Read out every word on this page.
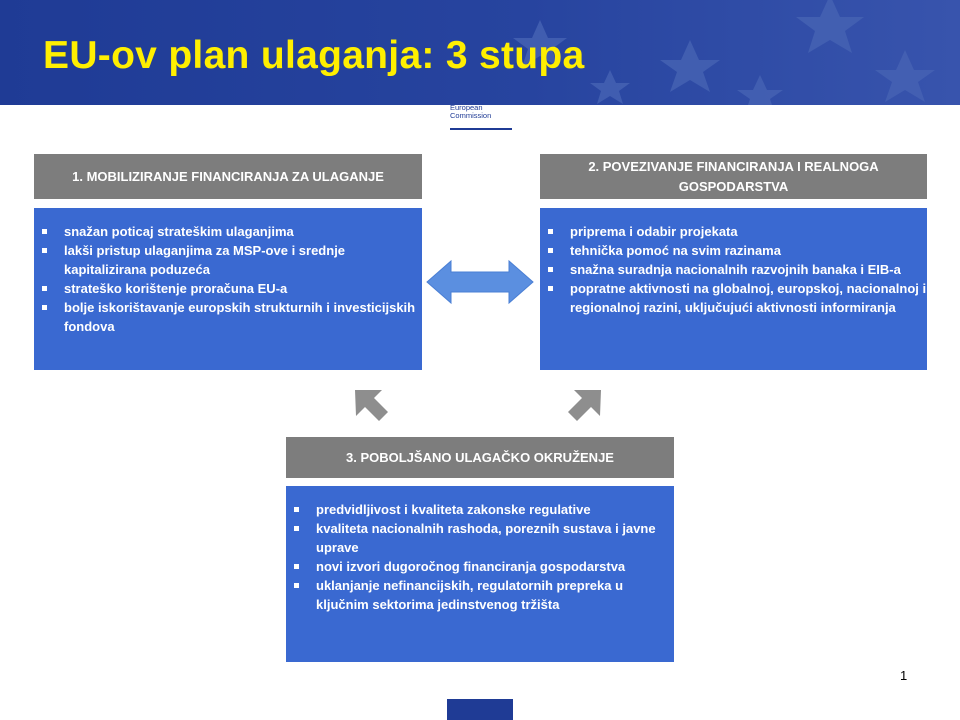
EU-ov plan ulaganja: 3 stupa
European
Commission
1. MOBILIZIRANJE FINANCIRANJA ZA ULAGANJE
snažan poticaj strateškim ulaganjima
lakši pristup ulaganjima za MSP-ove i srednje kapitalizirana poduzeća
strateško korištenje proračuna EU-a
bolje iskorištavanje europskih strukturnih i investicijskih fondova
2. POVEZIVANJE FINANCIRANJA I REALNOGA GOSPODARSTVA
priprema i odabir projekata
tehnička pomoć na svim razinama
snažna suradnja nacionalnih razvojnih banaka i EIB-a
popratne aktivnosti na globalnoj, europskoj, nacionalnoj i regionalnoj razini, uključujući aktivnosti informiranja
3. POBOLJŠANO ULAGAČKO OKRUŽENJE
predvidljivost i kvaliteta zakonske regulative
kvaliteta nacionalnih rashoda, poreznih sustava i javne uprave
novi izvori dugoročnog financiranja gospodarstva
uklanjanje nefinancijskih, regulatornih prepreka u ključnim sektorima jedinstvenog tržišta
1
